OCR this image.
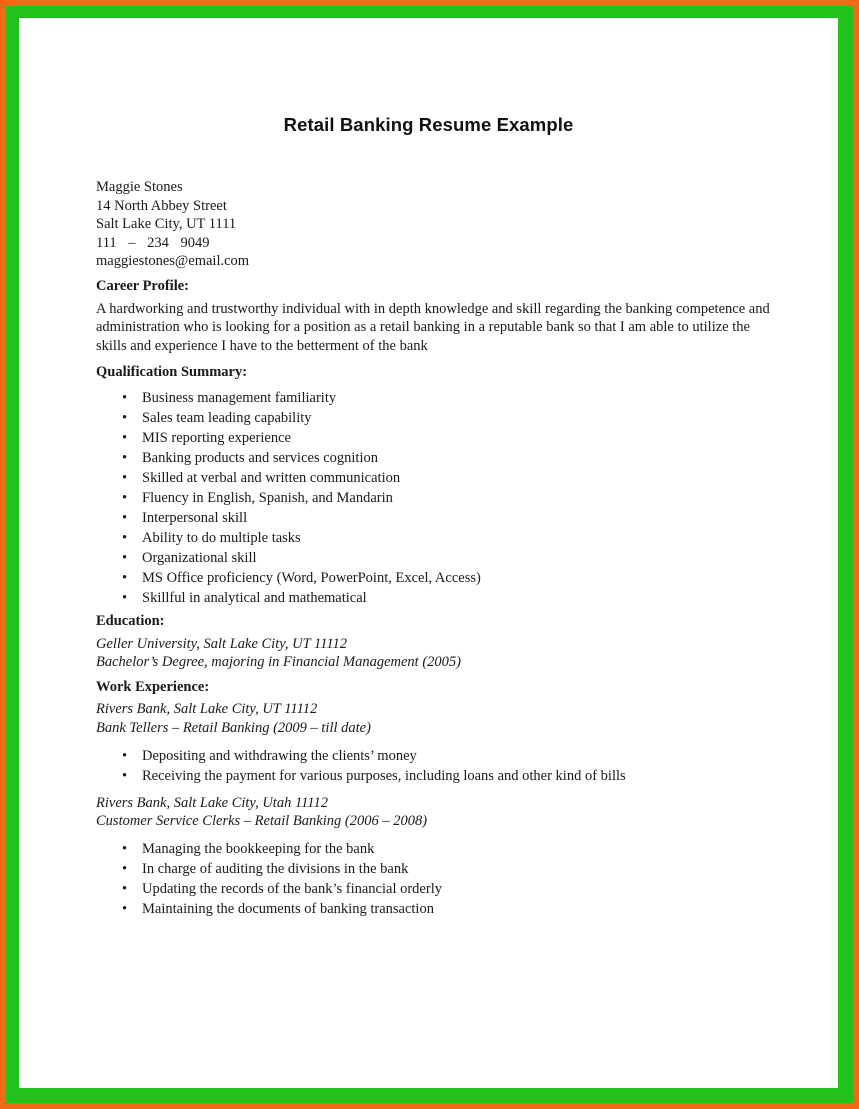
Retail Banking Resume Example
Maggie Stones
14 North Abbey Street
Salt Lake City, UT 1111
111 – 234 9049
maggiestones@email.com
Career Profile:

A hardworking and trustworthy individual with in depth knowledge and skill regarding the banking competence and administration who is looking for a position as a retail banking in a reputable bank so that I am able to utilize the skills and experience I have to the betterment of the bank

Qualification Summary:
• Business management familiarity
• Sales team leading capability
• MIS reporting experience
• Banking products and services cognition
• Skilled at verbal and written communication
• Fluency in English, Spanish, and Mandarin
• Interpersonal skill
• Ability to do multiple tasks
• Organizational skill
• MS Office proficiency (Word, PowerPoint, Excel, Access)
• Skillful in analytical and mathematical
Education:
Geller University, Salt Lake City, UT 11112
Bachelor’s Degree, majoring in Financial Management (2005)
Work Experience:
Rivers Bank, Salt Lake City, UT 11112
Bank Tellers – Retail Banking (2009 – till date)
• Depositing and withdrawing the clients’ money
• Receiving the payment for various purposes, including loans and other kind of bills
Rivers Bank, Salt Lake City, Utah 11112
Customer Service Clerks – Retail Banking (2006 – 2008)
• Managing the bookkeeping for the bank
• In charge of auditing the divisions in the bank
• Updating the records of the bank’s financial orderly
• Maintaining the documents of banking transaction
